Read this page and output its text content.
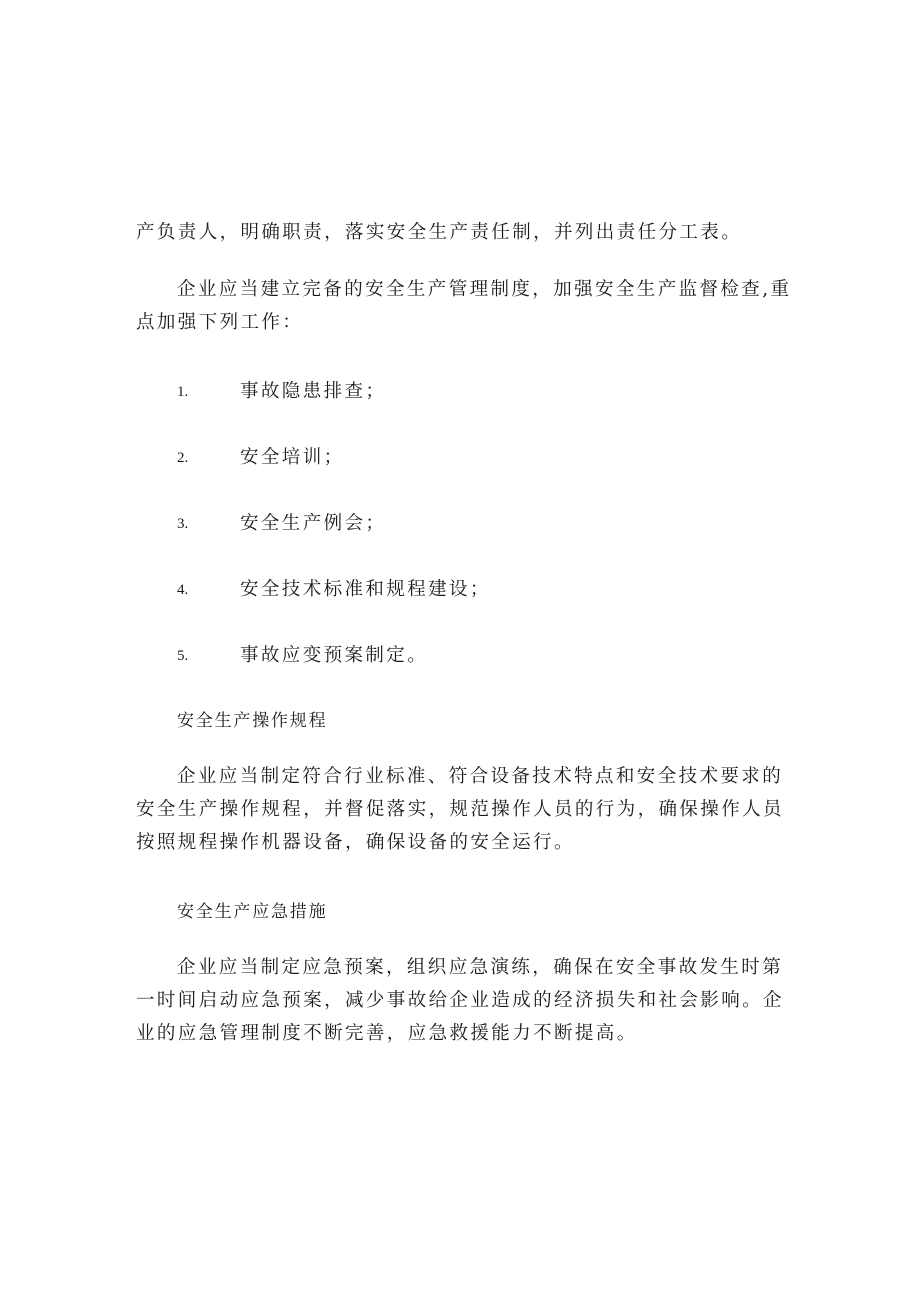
产负责人，明确职责，落实安全生产责任制，并列出责任分工表。

企业应当建立完备的安全生产管理制度，加强安全生产监督检查,重点加强下列工作：

1.	事故隐患排查；
2.	安全培训；
3.	安全生产例会；
4.	安全技术标准和规程建设；
5.	事故应变预案制定。
安全生产操作规程

企业应当制定符合行业标准、符合设备技术特点和安全技术要求的安全生产操作规程，并督促落实，规范操作人员的行为，确保操作人员按照规程操作机器设备，确保设备的安全运行。

安全生产应急措施

企业应当制定应急预案，组织应急演练，确保在安全事故发生时第一时间启动应急预案，减少事故给企业造成的经济损失和社会影响。企业的应急管理制度不断完善，应急救援能力不断提高。
